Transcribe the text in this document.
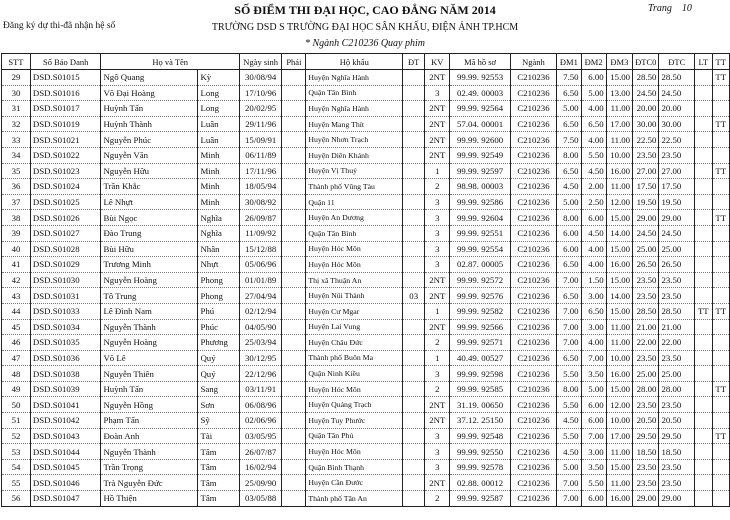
SỐ ĐIỂM THI ĐẠI HỌC, CAO ĐẲNG NĂM 2014	Trang 10
Đăng ký dự thi-đã nhận hệ số	TRƯỜNG DSD S TRƯỜNG ĐẠI HỌC SÂN KHẤU, ĐIỆN ẢNH TP.HCM
* Ngành C210236 Quay phim
STT	Số Báo Danh	Họ và Tên		Ngày sinh	Phái	Hộ khẩu	ĐT	KV	Mã hồ sơ	Ngành	ĐM1	ĐM2	ĐM3	ĐTC0	ĐTC	LT	TT
29	DSD.S01015	Ngô Quang	Kỳ	30/08/94		Huyện Nghĩa Hành		2NT	99.99. 92553	C210236	7.50	6.00	15.00	28.50	28.50		TT
30	DSD.S01016	Võ Đại Hoàng	Long	17/10/96		Quận Tân Bình		3	02.49. 00003	C210236	6.50	5.00	13.00	24.50	24.50		
31	DSD.S01017	Huỳnh Tấn	Long	20/02/95		Huyện Nghĩa Hành		2NT	99.99. 92564	C210236	5.00	4.00	11.00	20.00	20.00		
32	DSD.S01019	Huỳnh Thành	Luân	29/11/96		Huyện Mang Thít		2NT	57.04. 00001	C210236	6.50	6.50	17.00	30.00	30.00		TT
33	DSD.S01021	Nguyễn Phúc	Luân	15/09/91		Huyện Nhơn Trạch		2NT	99.99. 92600	C210236	7.50	4.00	11.00	22.50	22.50		
34	DSD.S01022	Nguyễn Văn	Minh	06/11/89		Huyện Diên Khánh		2NT	99.99. 92549	C210236	8.00	5.50	10.00	23.50	23.50		
35	DSD.S01023	Nguyễn Hữu	Minh	17/11/96		Huyện Vị Thuỷ		1	99.99. 92597	C210236	6.50	4.50	16.00	27.00	27.00		TT
36	DSD.S01024	Trần Khắc	Minh	18/05/94		Thành phố Vũng Tàu		2	98.98. 00003	C210236	4.50	2.00	11.00	17.50	17.50		
37	DSD.S01025	Lê Nhựt	Minh	30/08/92		Quận 11		3	99.99. 92586	C210236	5.00	2.50	12.00	19.50	19.50		
38	DSD.S01026	Bùi Ngọc	Nghĩa	26/09/87		Huyện An Dương		3	99.99. 92604	C210236	8.00	6.00	15.00	29.00	29.00		TT
39	DSD.S01027	Đào Trung	Nghĩa	11/09/92		Quận Tân Bình		3	99.99. 92551	C210236	6.00	4.50	14.00	24.50	24.50		
40	DSD.S01028	Bùi Hữu	Nhân	15/12/88		Huyện Hóc Môn		3	99.99. 92554	C210236	6.00	4.00	15.00	25.00	25.00		
41	DSD.S01029	Trương Minh	Nhựt	05/06/96		Huyện Hóc Môn		3	02.87. 00005	C210236	6.50	4.00	16.00	26.50	26.50		
42	DSD.S01030	Nguyễn Hoàng	Phong	01/01/89		Thị xã Thuận An		2NT	99.99. 92572	C210236	7.00	1.50	15.00	23.50	23.50		
43	DSD.S01031	Tô Trung	Phong	27/04/94		Huyện Núi Thành	03	2NT	99.99. 92576	C210236	6.50	3.00	14.00	23.50	23.50		
44	DSD.S01033	Lê Đình Nam	Phú	02/12/94		Huyện Cư Mgar		1	99.99. 92582	C210236	7.00	6.50	15.00	28.50	28.50	TT	TT
45	DSD.S01034	Nguyễn Thành	Phúc	04/05/90		Huyện Lai Vung		2NT	99.99. 92566	C210236	7.00	3.00	11.00	21.00	21.00		
46	DSD.S01035	Nguyễn Hoàng	Phương	25/03/94		Huyện Châu Đức		2	99.99. 92571	C210236	7.00	4.00	11.00	22.00	22.00		
47	DSD.S01036	Võ Lê	Quý	30/12/95		Thành phố Buôn Ma		1	40.49. 00527	C210236	6.50	7.00	10.00	23.50	23.50		
48	DSD.S01038	Nguyễn Thiên	Quý	22/12/96		Quận Ninh Kiều		3	99.99. 92598	C210236	5.50	3.50	16.00	25.00	25.00		
49	DSD.S01039	Huỳnh Tấn	Sang	03/11/91		Huyện Hóc Môn		2	99.99. 92585	C210236	8.00	5.00	15.00	28.00	28.00		TT
50	DSD.S01041	Nguyễn Hồng	Sơn	06/08/96		Huyện Quảng Trạch		2NT	31.19. 00650	C210236	5.50	6.00	12.00	23.50	23.50		
51	DSD.S01042	Phạm Tấn	Sỹ	02/06/96		Huyện Tuy Phước		2NT	37.12. 25150	C210236	4.50	6.00	10.00	20.50	20.50		
52	DSD.S01043	Đoàn Anh	Tài	03/05/95		Quận Tân Phú		3	99.99. 92548	C210236	5.50	7.00	17.00	29.50	29.50		TT
53	DSD.S01044	Nguyễn Thành	Tâm	26/07/87		Huyện Hóc Môn		3	99.99. 92550	C210236	4.50	3.00	11.00	18.50	18.50		
54	DSD.S01045	Trần Trọng	Tâm	16/02/94		Quận Bình Thạnh		3	99.99. 92578	C210236	5.00	3.50	15.00	23.50	23.50		
55	DSD.S01046	Trà Nguyễn Đức	Tâm	25/09/90		Huyện Cần Đước		2NT	02.88. 00012	C210236	7.00	5.50	11.00	23.50	23.50		
56	DSD.S01047	Hồ Thiện	Tâm	03/05/88		Thành phố Tân An		2	99.99. 92587	C210236	7.00	6.00	16.00	29.00	29.00		
